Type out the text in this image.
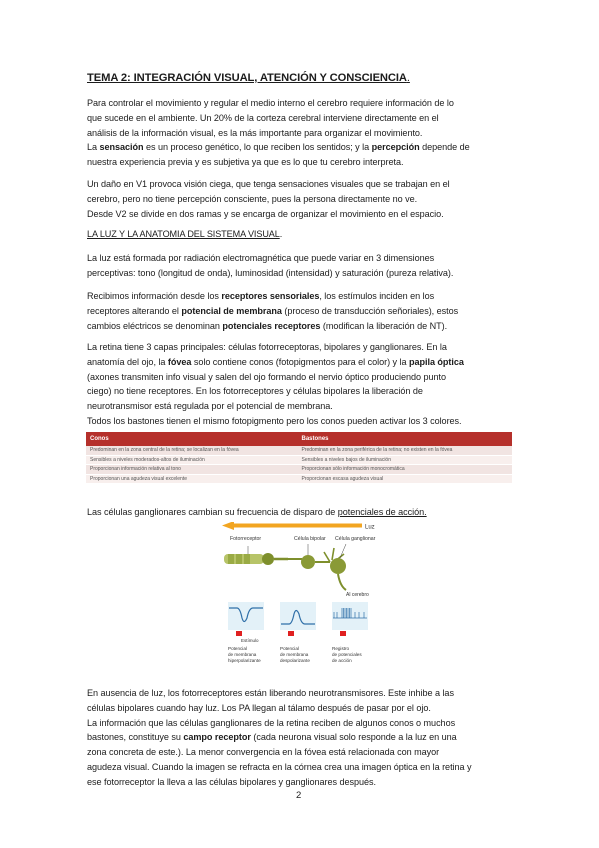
TEMA 2: INTEGRACIÓN VISUAL, ATENCIÓN Y CONSCIENCIA.

Para controlar el movimiento y regular el medio interno el cerebro requiere información de lo
que sucede en el ambiente. Un 20% de la corteza cerebral interviene directamente en el
análisis de la información visual, es la más importante para organizar el movimiento.
La sensación es un proceso genético, lo que reciben los sentidos; y la percepción depende de
nuestra experiencia previa y es subjetiva ya que es lo que tu cerebro interpreta.

Un daño en V1 provoca visión ciega, que tenga sensaciones visuales que se trabajan en el
cerebro, pero no tiene percepción consciente, pues la persona directamente no ve.
Desde V2 se divide en dos ramas y se encarga de organizar el movimiento en el espacio.

LA LUZ Y LA ANATOMIA DEL SISTEMA VISUAL.

La luz está formada por radiación electromagnética que puede variar en 3 dimensiones
perceptivas: tono (longitud de onda), luminosidad (intensidad) y saturación (pureza relativa).

Recibimos información desde los receptores sensoriales, los estímulos inciden en los
receptores alterando el potencial de membrana (proceso de transducción señoriales), estos
cambios eléctricos se denominan potenciales receptores (modifican la liberación de NT).

La retina tiene 3 capas principales: células fotorreceptoras, bipolares y ganglionares. En la
anatomía del ojo, la fóvea solo contiene conos (fotopigmentos para el color) y la papila óptica
(axones transmiten info visual y salen del ojo formando el nervio óptico produciendo punto
ciego) no tiene receptores. En los fotorreceptores y células bipolares la liberación de
neurotransmisor está regulada por el potencial de membrana.
Todos los bastones tienen el mismo fotopigmento pero los conos pueden activar los 3 colores.

Conos	Bastones
Predominan en la zona central de la retina; se localizan en la fóvea	Predominan en la zona periférica de la retina; no existen en la fóvea
Sensibles a niveles moderados-altos de iluminación	Sensibles a niveles bajos de iluminación
Proporcionan información relativa al tono	Proporcionan sólo información monocromática
Proporcionan una agudeza visual excelente	Proporcionan escasa agudeza visual

Las células ganglionares cambian su frecuencia de disparo de potenciales de acción.

Luz
Fotorreceptor	Célula bipolar Célula ganglionar
Al cerebro
Estímulo
Potencial
de membrana
hiperpolarizante
Potencial
de membrana
despolarizante
Registro
de potenciales
de acción

En ausencia de luz, los fotorreceptores están liberando neurotransmisores. Este inhibe a las
células bipolares cuando hay luz. Los PA llegan al tálamo después de pasar por el ojo.
La información que las células ganglionares de la retina reciben de algunos conos o muchos
bastones, constituye su campo receptor (cada neurona visual solo responde a la luz en una
zona concreta de este.). La menor convergencia en la fóvea está relacionada con mayor
agudeza visual. Cuando la imagen se refracta en la córnea crea una imagen óptica en la retina y
ese fotorreceptor la lleva a las células bipolares y ganglionares después.

2
